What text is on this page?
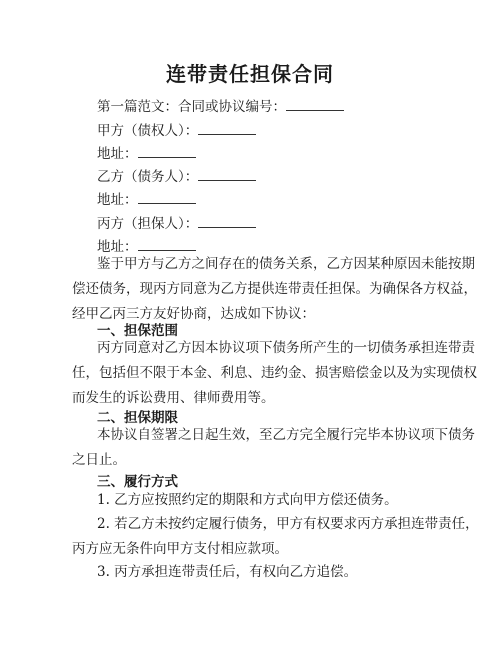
连带责任担保合同
第一篇范文：合同或协议编号：
甲方（债权人）：
地址：
乙方（债务人）：
地址：
丙方（担保人）：
地址：
鉴于甲方与乙方之间存在的债务关系，乙方因某种原因未能按期
偿还债务，现丙方同意为乙方提供连带责任担保。为确保各方权益，
经甲乙丙三方友好协商，达成如下协议：
一、担保范围
丙方同意对乙方因本协议项下债务所产生的一切债务承担连带责
任，包括但不限于本金、利息、违约金、损害赔偿金以及为实现债权
而发生的诉讼费用、律师费用等。
二、担保期限
本协议自签署之日起生效，至乙方完全履行完毕本协议项下债务
之日止。
三、履行方式
1. 乙方应按照约定的期限和方式向甲方偿还债务。
2. 若乙方未按约定履行债务，甲方有权要求丙方承担连带责任，
丙方应无条件向甲方支付相应款项。
3. 丙方承担连带责任后，有权向乙方追偿。
